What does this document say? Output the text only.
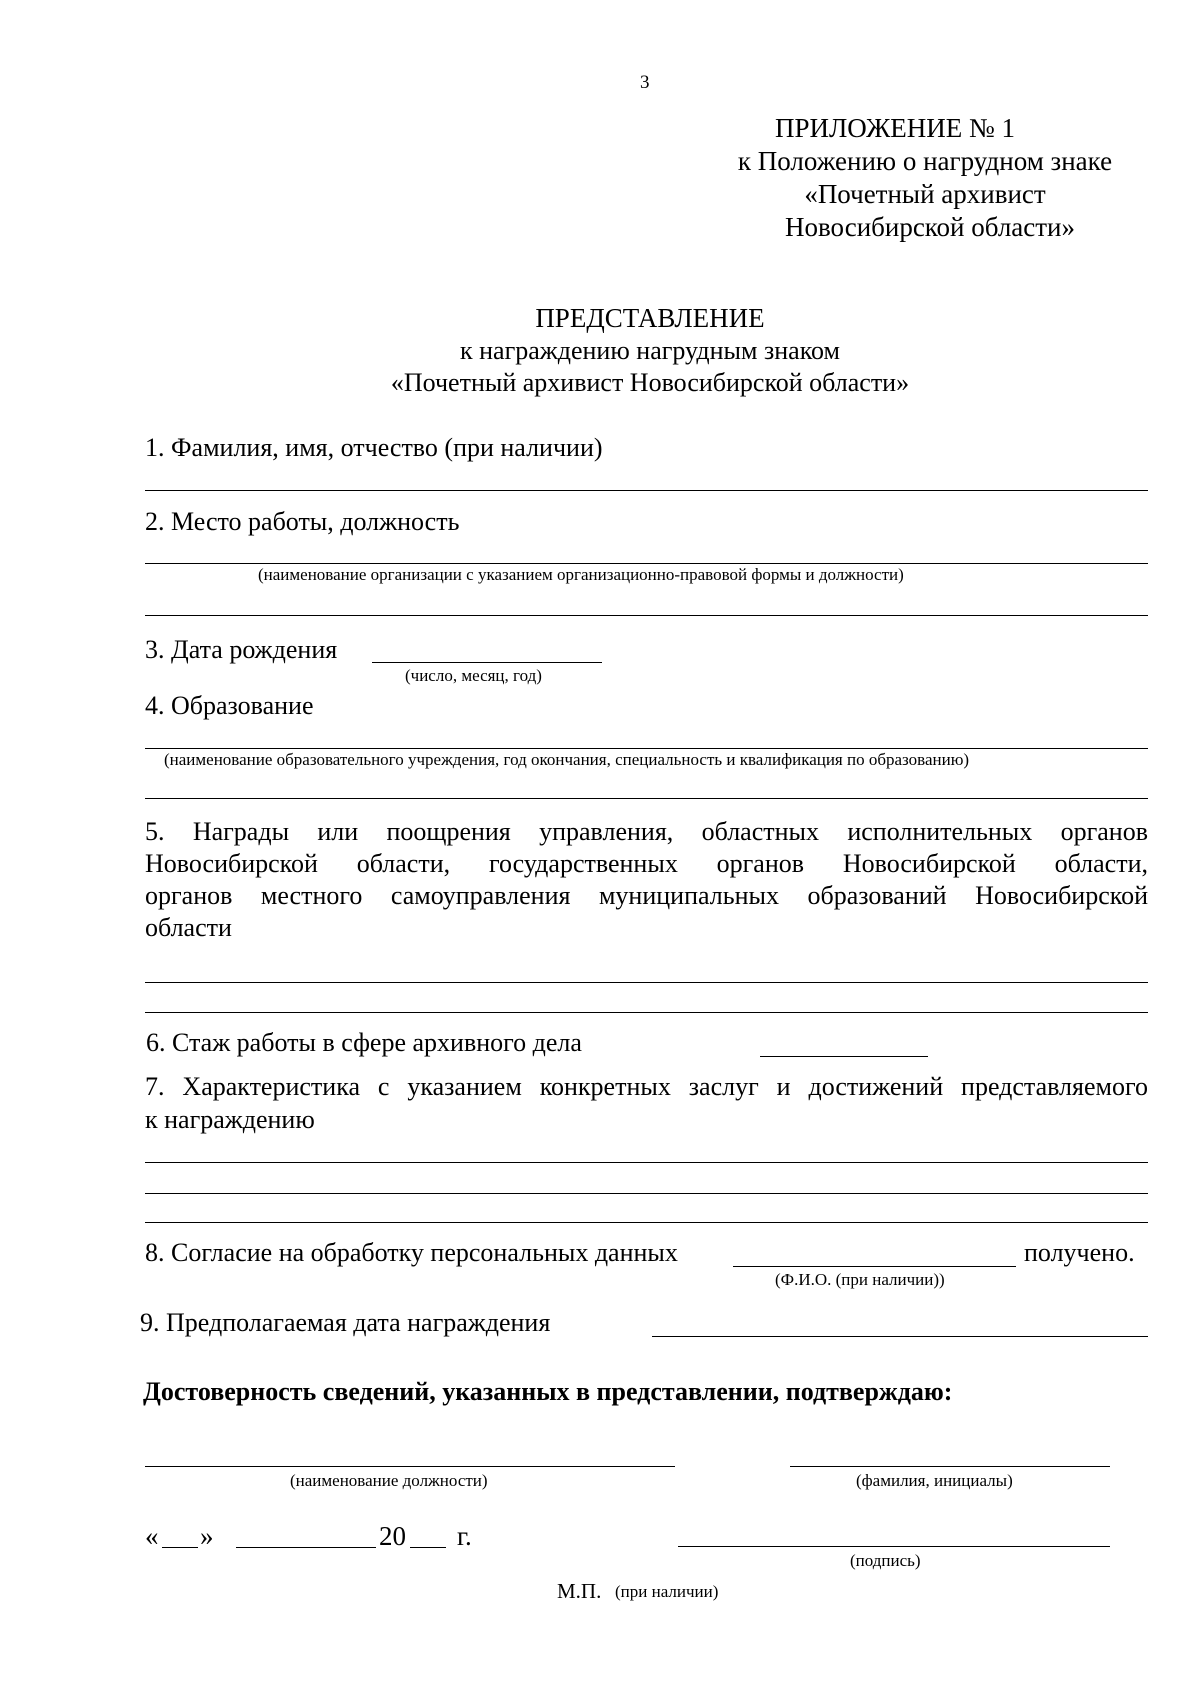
3
ПРИЛОЖЕНИЕ № 1
к Положению о нагрудном знаке
«Почетный архивист
Новосибирской области»
ПРЕДСТАВЛЕНИЕ
к награждению нагрудным знаком
«Почетный архивист Новосибирской области»
1. Фамилия, имя, отчество (при наличии)
2. Место работы, должность
(наименование организации с указанием организационно-правовой формы и должности)
3. Дата рождения
(число, месяц, год)
4. Образование
(наименование образовательного учреждения, год окончания, специальность и квалификация по образованию)
5. Награды или поощрения управления, областных исполнительных органов
Новосибирской области, государственных органов Новосибирской области,
органов местного самоуправления муниципальных образований Новосибирской
области
6. Стаж работы в сфере архивного дела
7. Характеристика с указанием конкретных заслуг и достижений представляемого
к награждению
8. Согласие на обработку персональных данных	получено.
(Ф.И.О. (при наличии))
9. Предполагаемая дата награждения
Достоверность сведений, указанных в представлении, подтверждаю:
(наименование должности)	(фамилия, инициалы)
« »	20 г.
(подпись)
М.П. (при наличии)
